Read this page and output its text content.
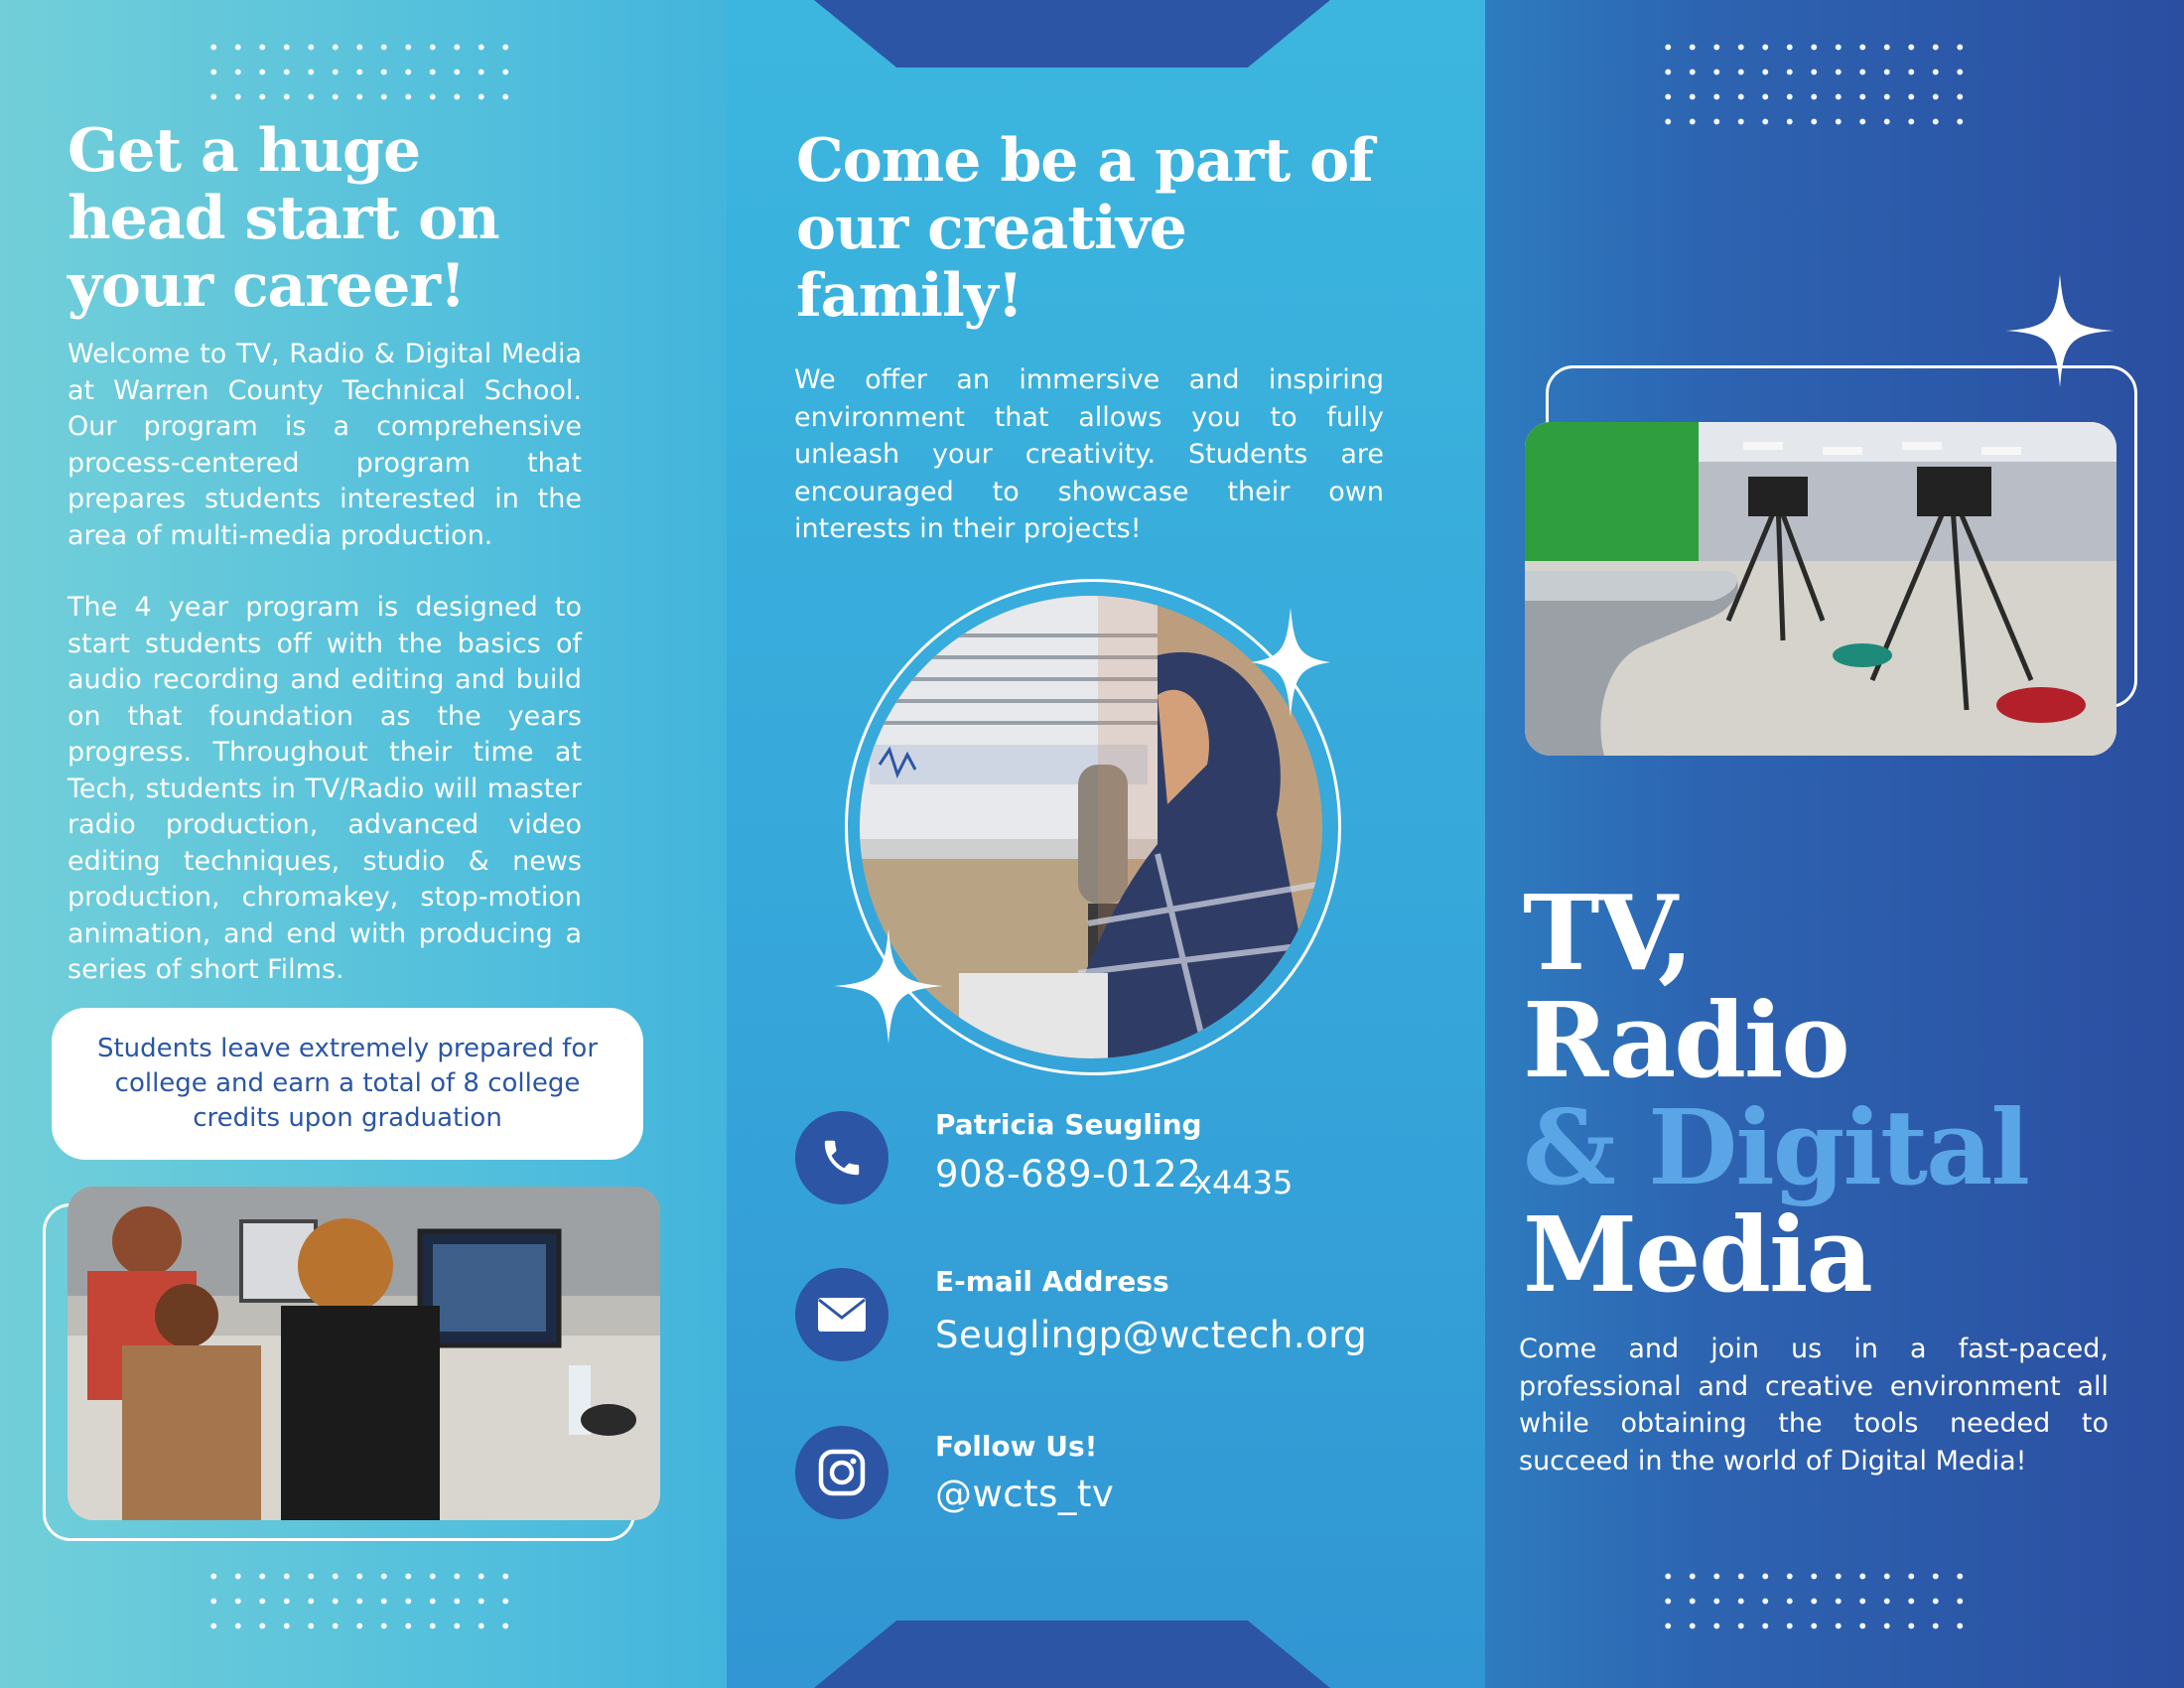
Get a huge head start on your career!

Welcome to TV, Radio & Digital Media at Warren County Technical School. Our program is a comprehensive process-centered program that prepares students interested in the area of multi-media production.

The 4 year program is designed to start students off with the basics of audio recording and editing and build on that foundation as the years progress. Throughout their time at Tech, students in TV/Radio will master radio production, advanced video editing techniques, studio & news production, chromakey, stop-motion animation, and end with producing a series of short Films.

Students leave extremely prepared for college and earn a total of 8 college credits upon graduation
Come be a part of our creative family!

We offer an immersive and inspiring environment that allows you to fully unleash your creativity. Students are encouraged to showcase their own interests in their projects!

Patricia Seugling
908-689-0122
x4435
E-mail Address
Seuglingp@wctech.org
Follow Us!
@wcts_tv
TV,
Radio
& Digital
Media

Come and join us in a fast-paced, professional and creative environment all while obtaining the tools needed to succeed in the world of Digital Media!
